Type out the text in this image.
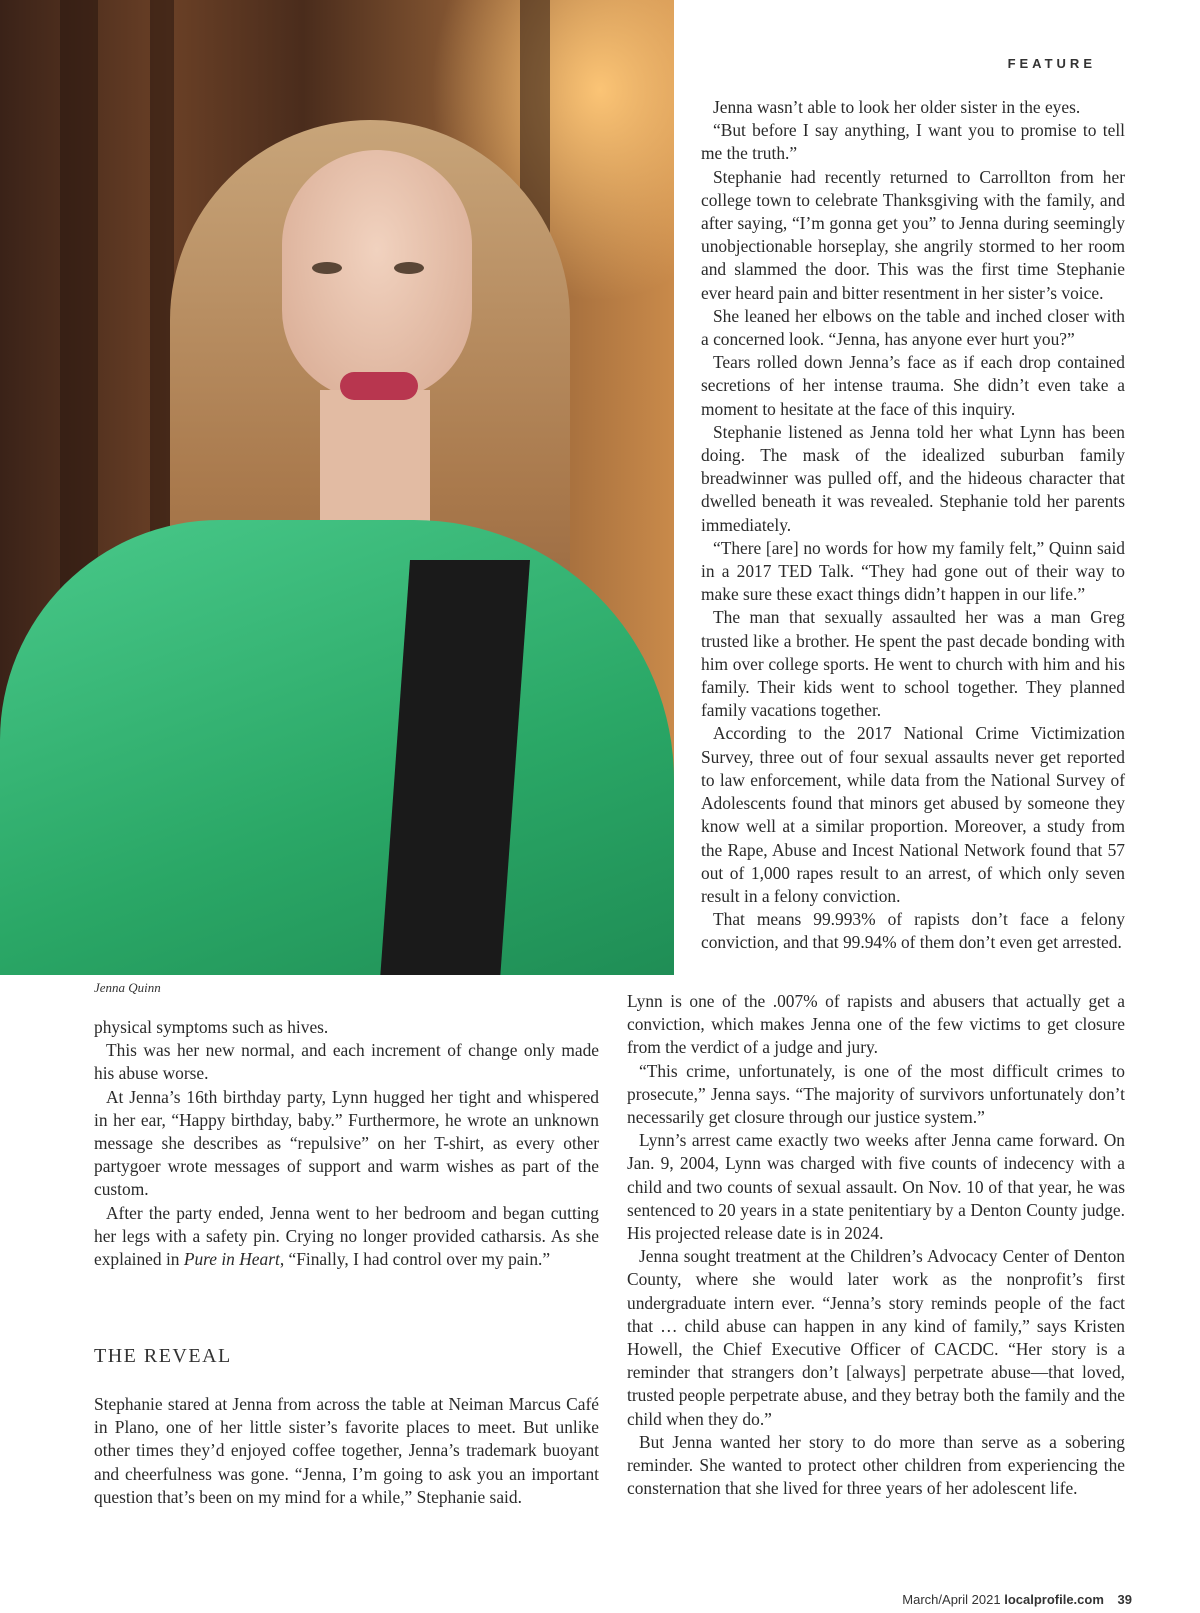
FEATURE

Jenna wasn’t able to look her older sister in the eyes.

“But before I say anything, I want you to promise to tell me the truth.”

Stephanie had recently returned to Carrollton from her college town to celebrate Thanksgiving with the family, and after saying, “I’m gonna get you” to Jenna during seemingly unobjectionable horseplay, she angrily stormed to her room and slammed the door. This was the first time Stephanie ever heard pain and bitter resentment in her sister’s voice.

She leaned her elbows on the table and inched closer with a concerned look. “Jenna, has anyone ever hurt you?”

Tears rolled down Jenna’s face as if each drop contained secretions of her intense trauma. She didn’t even take a moment to hesitate at the face of this inquiry.

Stephanie listened as Jenna told her what Lynn has been doing. The mask of the idealized suburban family breadwinner was pulled off, and the hideous character that dwelled beneath it was revealed. Stephanie told her parents immediately.

“There [are] no words for how my family felt,” Quinn said in a 2017 TED Talk. “They had gone out of their way to make sure these exact things didn’t happen in our life.”

The man that sexually assaulted her was a man Greg trusted like a brother. He spent the past decade bonding with him over college sports. He went to church with him and his family. Their kids went to school together. They planned family vacations together.

According to the 2017 National Crime Victimization Survey, three out of four sexual assaults never get reported to law enforcement, while data from the National Survey of Adolescents found that minors get abused by someone they know well at a similar proportion. Moreover, a study from the Rape, Abuse and Incest National Network found that 57 out of 1,000 rapes result to an arrest, of which only seven result in a felony conviction.

That means 99.993% of rapists don’t face a felony conviction, and that 99.94% of them don’t even get arrested.

Jenna Quinn

Lynn is one of the .007% of rapists and abusers that actually get a conviction, which makes Jenna one of the few victims to get closure from the verdict of a judge and jury.

“This crime, unfortunately, is one of the most difficult crimes to prosecute,” Jenna says. “The majority of survivors unfortunately don’t necessarily get closure through our justice system.”

Lynn’s arrest came exactly two weeks after Jenna came forward. On Jan. 9, 2004, Lynn was charged with five counts of indecency with a child and two counts of sexual assault. On Nov. 10 of that year, he was sentenced to 20 years in a state penitentiary by a Denton County judge. His projected release date is in 2024.

Jenna sought treatment at the Children’s Advocacy Center of Denton County, where she would later work as the nonprofit’s first undergraduate intern ever. “Jenna’s story reminds people of the fact that … child abuse can happen in any kind of family,” says Kristen Howell, the Chief Executive Officer of CACDC. “Her story is a reminder that strangers don’t [always] perpetrate abuse—that loved, trusted people perpetrate abuse, and they betray both the family and the child when they do.”

But Jenna wanted her story to do more than serve as a sobering reminder. She wanted to protect other children from experiencing the consternation that she lived for three years of her adolescent life.

physical symptoms such as hives.

This was her new normal, and each increment of change only made his abuse worse.

At Jenna’s 16th birthday party, Lynn hugged her tight and whispered in her ear, “Happy birthday, baby.” Furthermore, he wrote an unknown message she describes as “repulsive” on her T-shirt, as every other partygoer wrote messages of support and warm wishes as part of the custom.

After the party ended, Jenna went to her bedroom and began cutting her legs with a safety pin. Crying no longer provided catharsis. As she explained in Pure in Heart, “Finally, I had control over my pain.”

THE REVEAL

Stephanie stared at Jenna from across the table at Neiman Marcus Café in Plano, one of her little sister’s favorite places to meet. But unlike other times they’d enjoyed coffee together, Jenna’s trademark buoyant and cheerfulness was gone. “Jenna, I’m going to ask you an important question that’s been on my mind for a while,” Stephanie said.

March/April 2021 localprofile.com 39
